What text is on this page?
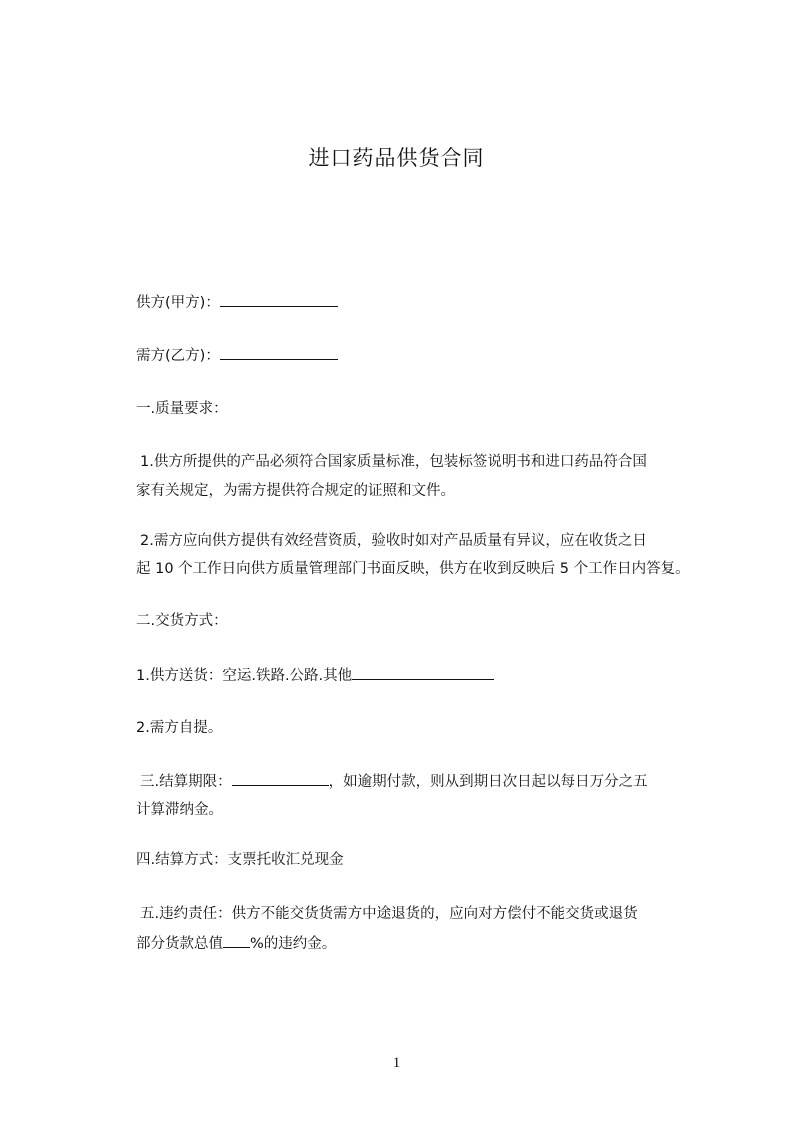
进口药品供货合同
供方(甲方)：
需方(乙方)：
一.质量要求：
1.供方所提供的产品必须符合国家质量标准，包装标签说明书和进口药品符合国
家有关规定，为需方提供符合规定的证照和文件。
2.需方应向供方提供有效经营资质，验收时如对产品质量有异议，应在收货之日
起 10 个工作日向供方质量管理部门书面反映，供方在收到反映后 5 个工作日内答复。
二.交货方式：
1.供方送货：空运.铁路.公路.其他
2.需方自提。
三.结算期限：	，如逾期付款，则从到期日次日起以每日万分之五
计算滞纳金。
四.结算方式：支票托收汇兑现金
五.违约责任：供方不能交货货需方中途退货的，应向对方偿付不能交货或退货
部分货款总值 %的违约金。
1
